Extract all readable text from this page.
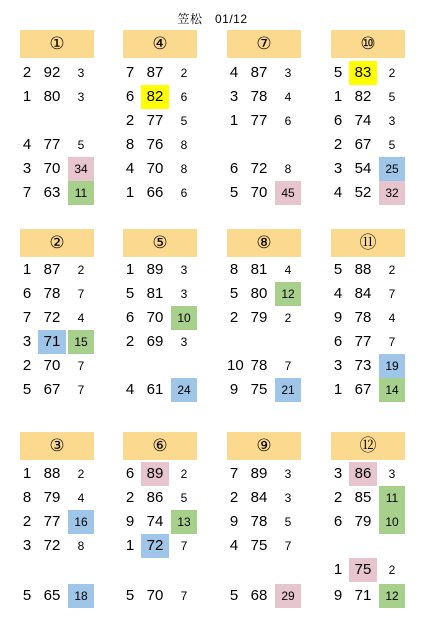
笠松　01/12
①
2 92	3
1 80	3
4 77	5
3 70	34
7 63	11
④
7 87	2
6 82	6
2 77	5
8 76	8
4 70	8
1 66	6
⑦
4 87	3
3 78	4
1 77	6
6 72	8
5 70	45
⑩
5 83	2
1 82	5
6 74	3
2 67	5
3 54	25
4 52	32
②
1 87	2
6 78	7
7 72	4
3 71	15
2 70	7
5 67	7
⑤
1 89	3
5 81	3
6 70	10
2 69	3
4 61	24
⑧
8 81	4
5 80	12
2 79	2
10 78	7
9 75	21
⑪
5 88	2
4 84	7
9 78	4
6 77	7
3 73	19
1 67	14
③
1 88	2
8 79	4
2 77	16
3 72	8
5 65	18
⑥
6 89	2
2 86	5
9 74	13
1 72	7
5 70	7
⑨
7 89	3
2 84	3
9 78	5
4 75	7
5 68	29
⑫
3 86	3
2 85	11
6 79	10
1 75	2
9 71	12
